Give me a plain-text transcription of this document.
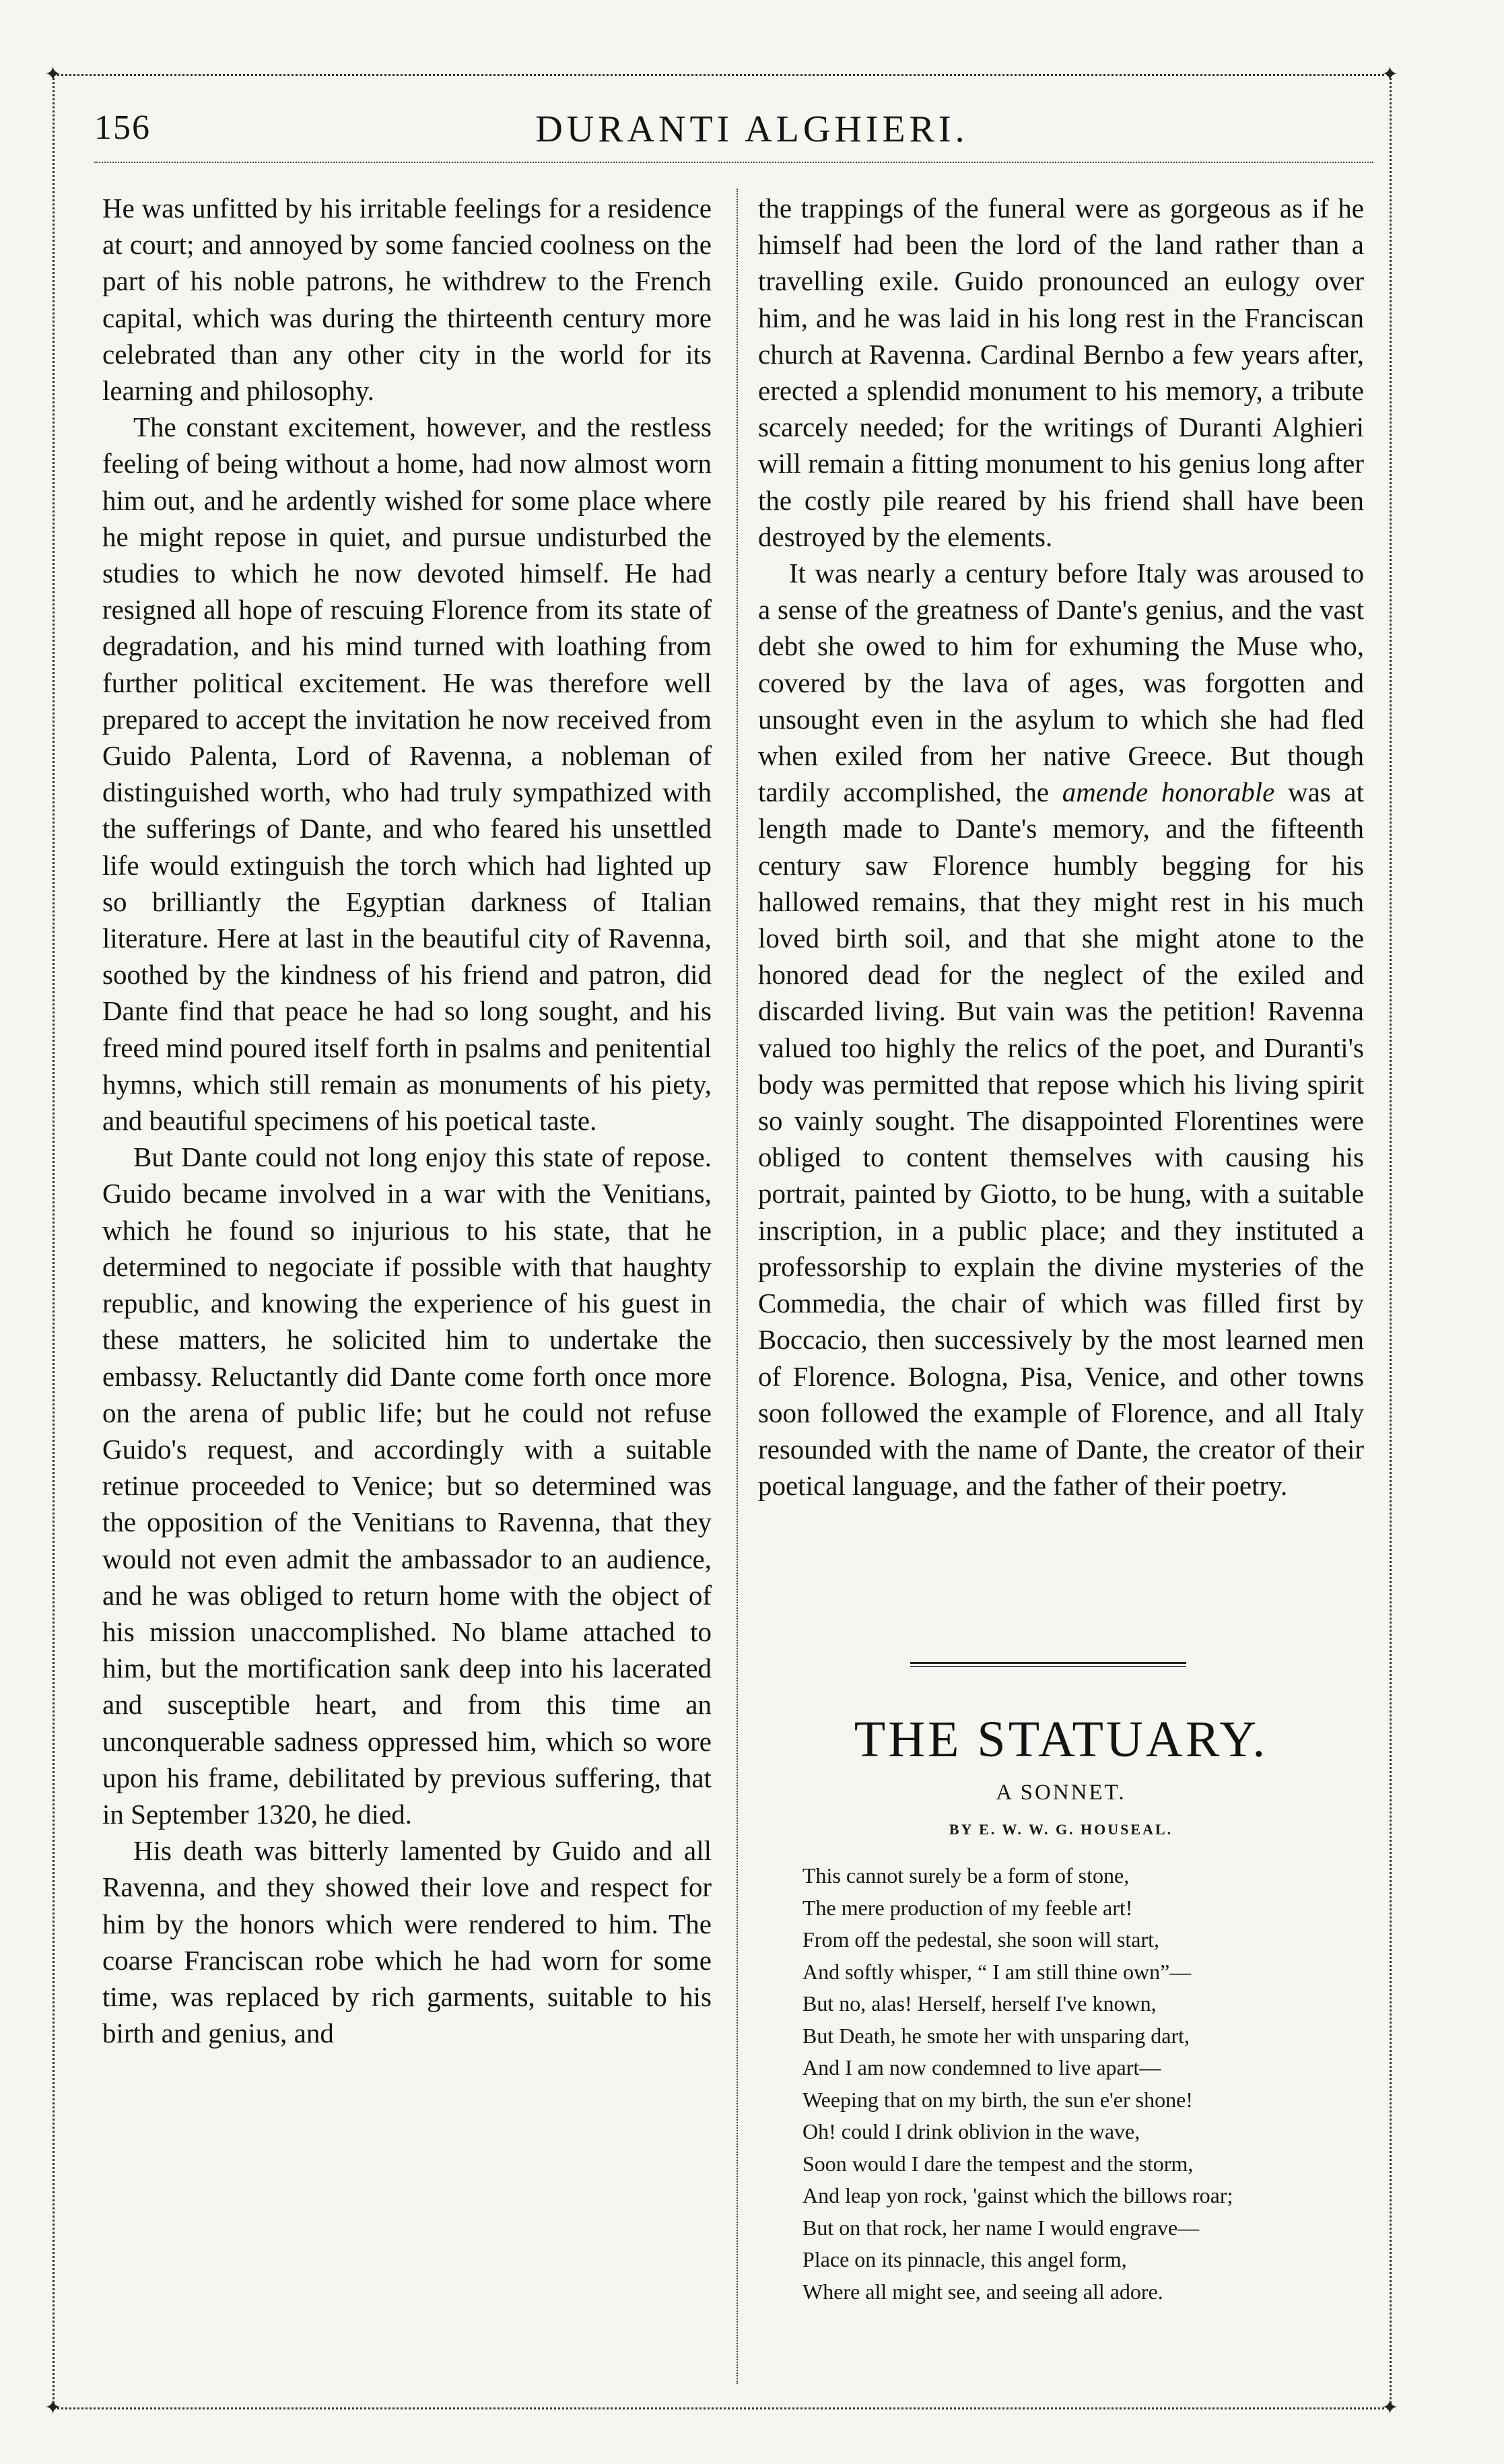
✦	✦
✦	✦
156	DURANTI ALGHIERI.

He was unfitted by his irritable feelings for a residence at court; and annoyed by some fancied coolness on the part of his noble patrons, he withdrew to the French capital, which was during the thirteenth century more celebrated than any other city in the world for its learning and philosophy.

The constant excitement, however, and the restless feeling of being without a home, had now almost worn him out, and he ardently wished for some place where he might repose in quiet, and pursue undisturbed the studies to which he now devoted himself. He had resigned all hope of rescuing Florence from its state of degradation, and his mind turned with loathing from further political excitement. He was therefore well prepared to accept the invitation he now received from Guido Palenta, Lord of Ravenna, a nobleman of distinguished worth, who had truly sympathized with the sufferings of Dante, and who feared his unsettled life would extinguish the torch which had lighted up so brilliantly the Egyptian darkness of Italian literature. Here at last in the beautiful city of Ravenna, soothed by the kindness of his friend and patron, did Dante find that peace he had so long sought, and his freed mind poured itself forth in psalms and penitential hymns, which still remain as monuments of his piety, and beautiful specimens of his poetical taste.

But Dante could not long enjoy this state of repose. Guido became involved in a war with the Venitians, which he found so injurious to his state, that he determined to negociate if possible with that haughty republic, and knowing the experience of his guest in these matters, he solicited him to undertake the embassy. Reluctantly did Dante come forth once more on the arena of public life; but he could not refuse Guido's request, and accordingly with a suitable retinue proceeded to Venice; but so determined was the opposition of the Venitians to Ravenna, that they would not even admit the ambassador to an audience, and he was obliged to return home with the object of his mission unaccomplished. No blame attached to him, but the mortification sank deep into his lacerated and susceptible heart, and from this time an unconquerable sadness oppressed him, which so wore upon his frame, debilitated by previous suffering, that in September 1320, he died.

His death was bitterly lamented by Guido and all Ravenna, and they showed their love and respect for him by the honors which were rendered to him. The coarse Franciscan robe which he had worn for some time, was replaced by rich garments, suitable to his birth and genius, and

the trappings of the funeral were as gorgeous as if he himself had been the lord of the land rather than a travelling exile. Guido pronounced an eulogy over him, and he was laid in his long rest in the Franciscan church at Ravenna. Cardinal Bernbo a few years after, erected a splendid monument to his memory, a tribute scarcely needed; for the writings of Duranti Alghieri will remain a fitting monument to his genius long after the costly pile reared by his friend shall have been destroyed by the elements.

It was nearly a century before Italy was aroused to a sense of the greatness of Dante's genius, and the vast debt she owed to him for exhuming the Muse who, covered by the lava of ages, was forgotten and unsought even in the asylum to which she had fled when exiled from her native Greece. But though tardily accomplished, the amende honorable was at length made to Dante's memory, and the fifteenth century saw Florence humbly begging for his hallowed remains, that they might rest in his much loved birth soil, and that she might atone to the honored dead for the neglect of the exiled and discarded living. But vain was the petition! Ravenna valued too highly the relics of the poet, and Duranti's body was permitted that repose which his living spirit so vainly sought. The disappointed Florentines were obliged to content themselves with causing his portrait, painted by Giotto, to be hung, with a suitable inscription, in a public place; and they instituted a professorship to explain the divine mysteries of the Commedia, the chair of which was filled first by Boccacio, then successively by the most learned men of Florence. Bologna, Pisa, Venice, and other towns soon followed the example of Florence, and all Italy resounded with the name of Dante, the creator of their poetical language, and the father of their poetry.

THE STATUARY.
A SONNET.
BY E. W. W. G. HOUSEAL.
This cannot surely be a form of stone,
The mere production of my feeble art!
From off the pedestal, she soon will start,
And softly whisper, “ I am still thine own”—
But no, alas! Herself, herself I've known,
But Death, he smote her with unsparing dart,
And I am now condemned to live apart—
Weeping that on my birth, the sun e'er shone!
Oh! could I drink oblivion in the wave,
Soon would I dare the tempest and the storm,
And leap yon rock, 'gainst which the billows roar;
But on that rock, her name I would engrave—
Place on its pinnacle, this angel form,
Where all might see, and seeing all adore.
